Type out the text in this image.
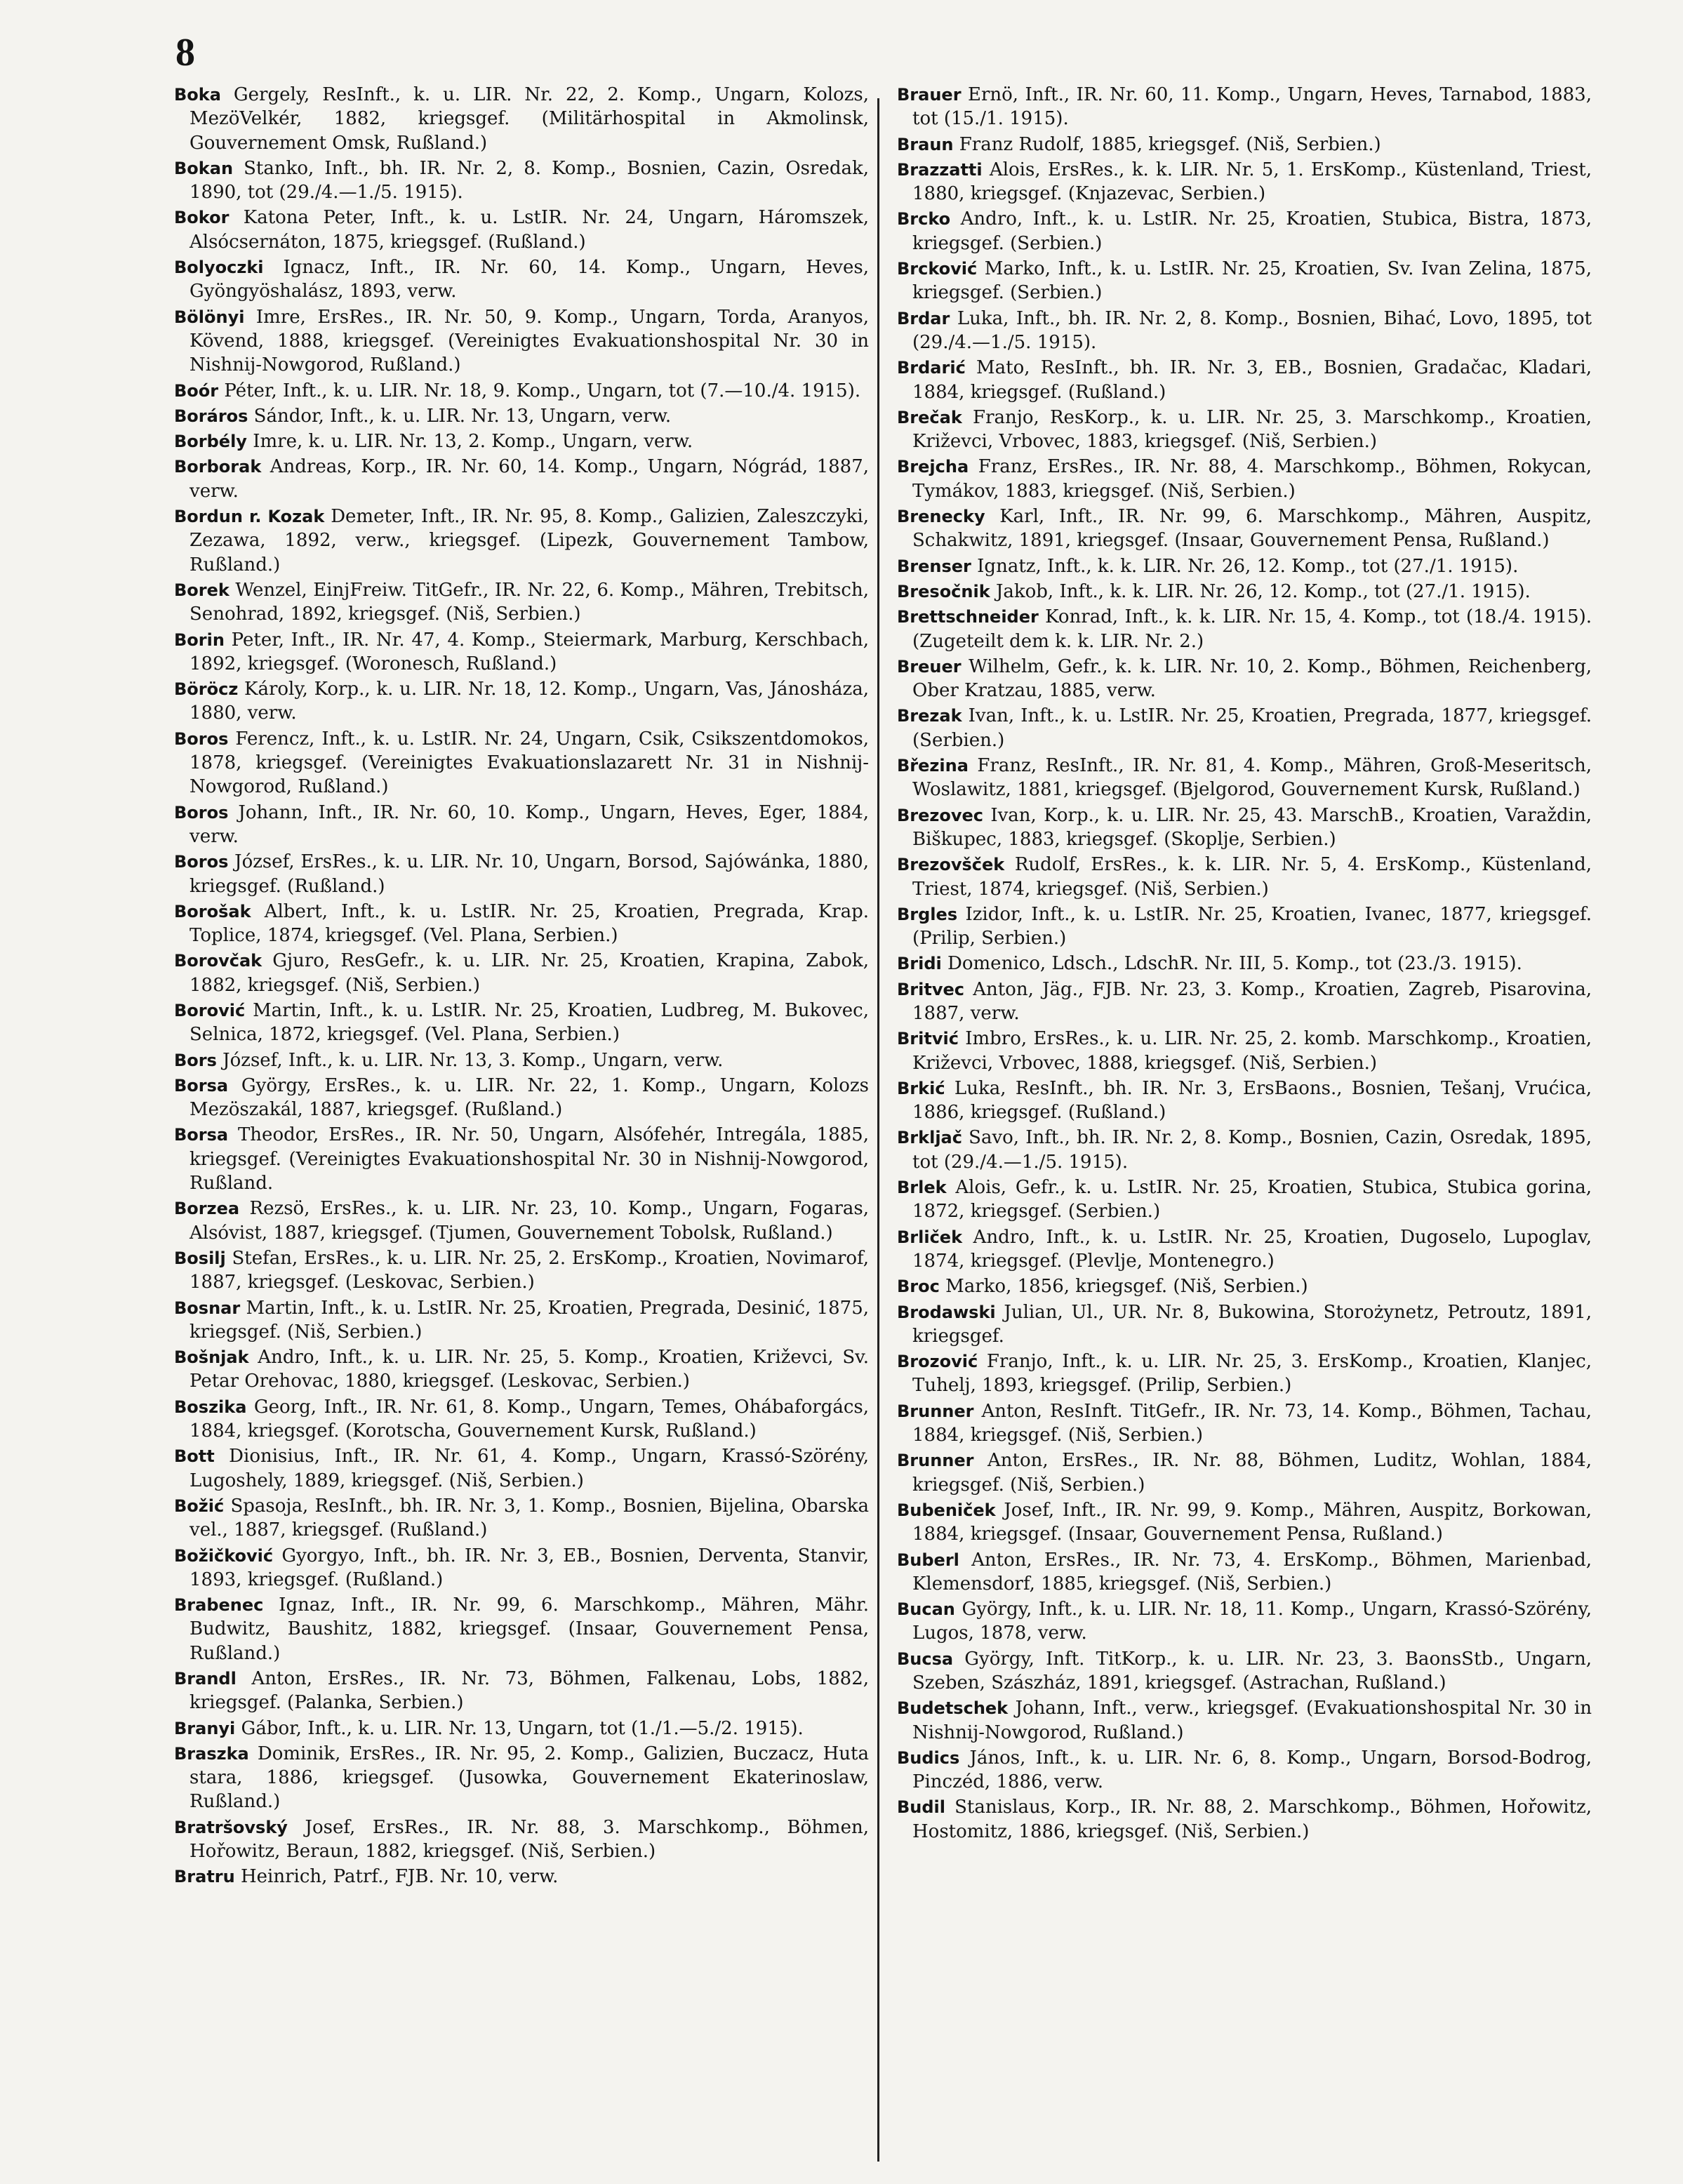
8
Boka Gergely, ResInft., k. u. LIR. Nr. 22, 2. Komp., Ungarn, Kolozs, MezöVelkér, 1882, kriegsgef. (Militärhospital in Akmolinsk, Gouvernement Omsk, Rußland.)
Bokan Stanko, Inft., bh. IR. Nr. 2, 8. Komp., Bosnien, Cazin, Osredak, 1890, tot (29./4.—1./5. 1915).
Bokor Katona Peter, Inft., k. u. LstIR. Nr. 24, Ungarn, Háromszek, Alsócsernáton, 1875, kriegsgef. (Rußland.)
Bolyoczki Ignacz, Inft., IR. Nr. 60, 14. Komp., Ungarn, Heves, Gyöngyöshalász, 1893, verw.
Bölönyi Imre, ErsRes., IR. Nr. 50, 9. Komp., Ungarn, Torda, Aranyos, Kövend, 1888, kriegsgef. (Vereinigtes Evakuationshospital Nr. 30 in Nishnij-Nowgorod, Rußland.)
Boór Péter, Inft., k. u. LIR. Nr. 18, 9. Komp., Ungarn, tot (7.—10./4. 1915).
Boráros Sándor, Inft., k. u. LIR. Nr. 13, Ungarn, verw.
Borbély Imre, k. u. LIR. Nr. 13, 2. Komp., Ungarn, verw.
Borborak Andreas, Korp., IR. Nr. 60, 14. Komp., Ungarn, Nógrád, 1887, verw.
Bordun r. Kozak Demeter, Inft., IR. Nr. 95, 8. Komp., Galizien, Zaleszczyki, Zezawa, 1892, verw., kriegsgef. (Lipezk, Gouvernement Tambow, Rußland.)
Borek Wenzel, EinjFreiw. TitGefr., IR. Nr. 22, 6. Komp., Mähren, Trebitsch, Senohrad, 1892, kriegsgef. (Niš, Serbien.)
Borin Peter, Inft., IR. Nr. 47, 4. Komp., Steiermark, Marburg, Kerschbach, 1892, kriegsgef. (Woronesch, Rußland.)
Böröcz Károly, Korp., k. u. LIR. Nr. 18, 12. Komp., Ungarn, Vas, Jánosháza, 1880, verw.
Boros Ferencz, Inft., k. u. LstIR. Nr. 24, Ungarn, Csik, Csikszentdomokos, 1878, kriegsgef. (Vereinigtes Evakuationslazarett Nr. 31 in Nishnij-Nowgorod, Rußland.)
Boros Johann, Inft., IR. Nr. 60, 10. Komp., Ungarn, Heves, Eger, 1884, verw.
Boros József, ErsRes., k. u. LIR. Nr. 10, Ungarn, Borsod, Sajówánka, 1880, kriegsgef. (Rußland.)
Borošak Albert, Inft., k. u. LstIR. Nr. 25, Kroatien, Pregrada, Krap. Toplice, 1874, kriegsgef. (Vel. Plana, Serbien.)
Borovčak Gjuro, ResGefr., k. u. LIR. Nr. 25, Kroatien, Krapina, Zabok, 1882, kriegsgef. (Niš, Serbien.)
Borović Martin, Inft., k. u. LstIR. Nr. 25, Kroatien, Ludbreg, M. Bukovec, Selnica, 1872, kriegsgef. (Vel. Plana, Serbien.)
Bors József, Inft., k. u. LIR. Nr. 13, 3. Komp., Ungarn, verw.
Borsa György, ErsRes., k. u. LIR. Nr. 22, 1. Komp., Ungarn, Kolozs Mezöszakál, 1887, kriegsgef. (Rußland.)
Borsa Theodor, ErsRes., IR. Nr. 50, Ungarn, Alsófehér, Intregála, 1885, kriegsgef. (Vereinigtes Evakuationshospital Nr. 30 in Nishnij-Nowgorod, Rußland.
Borzea Rezsö, ErsRes., k. u. LIR. Nr. 23, 10. Komp., Ungarn, Fogaras, Alsóvist, 1887, kriegsgef. (Tjumen, Gouvernement Tobolsk, Rußland.)
Bosilj Stefan, ErsRes., k. u. LIR. Nr. 25, 2. ErsKomp., Kroatien, Novimarof, 1887, kriegsgef. (Leskovac, Serbien.)
Bosnar Martin, Inft., k. u. LstIR. Nr. 25, Kroatien, Pregrada, Desinić, 1875, kriegsgef. (Niš, Serbien.)
Bošnjak Andro, Inft., k. u. LIR. Nr. 25, 5. Komp., Kroatien, Križevci, Sv. Petar Orehovac, 1880, kriegsgef. (Leskovac, Serbien.)
Boszika Georg, Inft., IR. Nr. 61, 8. Komp., Ungarn, Temes, Ohábaforgács, 1884, kriegsgef. (Korotscha, Gouvernement Kursk, Rußland.)
Bott Dionisius, Inft., IR. Nr. 61, 4. Komp., Ungarn, Krassó-Szörény, Lugoshely, 1889, kriegsgef. (Niš, Serbien.)
Božić Spasoja, ResInft., bh. IR. Nr. 3, 1. Komp., Bosnien, Bijelina, Obarska vel., 1887, kriegsgef. (Rußland.)
Božičković Gyorgyo, Inft., bh. IR. Nr. 3, EB., Bosnien, Derventa, Stanvir, 1893, kriegsgef. (Rußland.)
Brabenec Ignaz, Inft., IR. Nr. 99, 6. Marschkomp., Mähren, Mähr. Budwitz, Baushitz, 1882, kriegsgef. (Insaar, Gouvernement Pensa, Rußland.)
Brandl Anton, ErsRes., IR. Nr. 73, Böhmen, Falkenau, Lobs, 1882, kriegsgef. (Palanka, Serbien.)
Branyi Gábor, Inft., k. u. LIR. Nr. 13, Ungarn, tot (1./1.—5./2. 1915).
Braszka Dominik, ErsRes., IR. Nr. 95, 2. Komp., Galizien, Buczacz, Huta stara, 1886, kriegsgef. (Jusowka, Gouvernement Ekaterinoslaw, Rußland.)
Bratršovský Josef, ErsRes., IR. Nr. 88, 3. Marschkomp., Böhmen, Hořowitz, Beraun, 1882, kriegsgef. (Niš, Serbien.)
Bratru Heinrich, Patrf., FJB. Nr. 10, verw.
Brauer Ernö, Inft., IR. Nr. 60, 11. Komp., Ungarn, Heves, Tarnabod, 1883, tot (15./1. 1915).
Braun Franz Rudolf, 1885, kriegsgef. (Niš, Serbien.)
Brazzatti Alois, ErsRes., k. k. LIR. Nr. 5, 1. ErsKomp., Küstenland, Triest, 1880, kriegsgef. (Knjazevac, Serbien.)
Brcko Andro, Inft., k. u. LstIR. Nr. 25, Kroatien, Stubica, Bistra, 1873, kriegsgef. (Serbien.)
Brcković Marko, Inft., k. u. LstIR. Nr. 25, Kroatien, Sv. Ivan Zelina, 1875, kriegsgef. (Serbien.)
Brdar Luka, Inft., bh. IR. Nr. 2, 8. Komp., Bosnien, Bihać, Lovo, 1895, tot (29./4.—1./5. 1915).
Brdarić Mato, ResInft., bh. IR. Nr. 3, EB., Bosnien, Gradačac, Kladari, 1884, kriegsgef. (Rußland.)
Brečak Franjo, ResKorp., k. u. LIR. Nr. 25, 3. Marschkomp., Kroatien, Križevci, Vrbovec, 1883, kriegsgef. (Niš, Serbien.)
Brejcha Franz, ErsRes., IR. Nr. 88, 4. Marschkomp., Böhmen, Rokycan, Tymákov, 1883, kriegsgef. (Niš, Serbien.)
Brenecky Karl, Inft., IR. Nr. 99, 6. Marschkomp., Mähren, Auspitz, Schakwitz, 1891, kriegsgef. (Insaar, Gouvernement Pensa, Rußland.)
Brenser Ignatz, Inft., k. k. LIR. Nr. 26, 12. Komp., tot (27./1. 1915).
Bresočnik Jakob, Inft., k. k. LIR. Nr. 26, 12. Komp., tot (27./1. 1915).
Brettschneider Konrad, Inft., k. k. LIR. Nr. 15, 4. Komp., tot (18./4. 1915). (Zugeteilt dem k. k. LIR. Nr. 2.)
Breuer Wilhelm, Gefr., k. k. LIR. Nr. 10, 2. Komp., Böhmen, Reichenberg, Ober Kratzau, 1885, verw.
Brezak Ivan, Inft., k. u. LstIR. Nr. 25, Kroatien, Pregrada, 1877, kriegsgef. (Serbien.)
Březina Franz, ResInft., IR. Nr. 81, 4. Komp., Mähren, Groß-Meseritsch, Woslawitz, 1881, kriegsgef. (Bjelgorod, Gouvernement Kursk, Rußland.)
Brezovec Ivan, Korp., k. u. LIR. Nr. 25, 43. MarschB., Kroatien, Varaždin, Biškupec, 1883, kriegsgef. (Skoplje, Serbien.)
Brezovšček Rudolf, ErsRes., k. k. LIR. Nr. 5, 4. ErsKomp., Küstenland, Triest, 1874, kriegsgef. (Niš, Serbien.)
Brgles Izidor, Inft., k. u. LstIR. Nr. 25, Kroatien, Ivanec, 1877, kriegsgef. (Prilip, Serbien.)
Bridi Domenico, Ldsch., LdschR. Nr. III, 5. Komp., tot (23./3. 1915).
Britvec Anton, Jäg., FJB. Nr. 23, 3. Komp., Kroatien, Zagreb, Pisarovina, 1887, verw.
Britvić Imbro, ErsRes., k. u. LIR. Nr. 25, 2. komb. Marschkomp., Kroatien, Križevci, Vrbovec, 1888, kriegsgef. (Niš, Serbien.)
Brkić Luka, ResInft., bh. IR. Nr. 3, ErsBaons., Bosnien, Tešanj, Vrućica, 1886, kriegsgef. (Rußland.)
Brkljač Savo, Inft., bh. IR. Nr. 2, 8. Komp., Bosnien, Cazin, Osredak, 1895, tot (29./4.—1./5. 1915).
Brlek Alois, Gefr., k. u. LstIR. Nr. 25, Kroatien, Stubica, Stubica gorina, 1872, kriegsgef. (Serbien.)
Brliček Andro, Inft., k. u. LstIR. Nr. 25, Kroatien, Dugoselo, Lupoglav, 1874, kriegsgef. (Plevlje, Montenegro.)
Broc Marko, 1856, kriegsgef. (Niš, Serbien.)
Brodawski Julian, Ul., UR. Nr. 8, Bukowina, Storożynetz, Petroutz, 1891, kriegsgef.
Brozović Franjo, Inft., k. u. LIR. Nr. 25, 3. ErsKomp., Kroatien, Klanjec, Tuhelj, 1893, kriegsgef. (Prilip, Serbien.)
Brunner Anton, ResInft. TitGefr., IR. Nr. 73, 14. Komp., Böhmen, Tachau, 1884, kriegsgef. (Niš, Serbien.)
Brunner Anton, ErsRes., IR. Nr. 88, Böhmen, Luditz, Wohlan, 1884, kriegsgef. (Niš, Serbien.)
Bubeniček Josef, Inft., IR. Nr. 99, 9. Komp., Mähren, Auspitz, Borkowan, 1884, kriegsgef. (Insaar, Gouvernement Pensa, Rußland.)
Buberl Anton, ErsRes., IR. Nr. 73, 4. ErsKomp., Böhmen, Marienbad, Klemensdorf, 1885, kriegsgef. (Niš, Serbien.)
Bucan György, Inft., k. u. LIR. Nr. 18, 11. Komp., Ungarn, Krassó-Szörény, Lugos, 1878, verw.
Bucsa György, Inft. TitKorp., k. u. LIR. Nr. 23, 3. BaonsStb., Ungarn, Szeben, Szászház, 1891, kriegsgef. (Astrachan, Rußland.)
Budetschek Johann, Inft., verw., kriegsgef. (Evakuationshospital Nr. 30 in Nishnij-Nowgorod, Rußland.)
Budics János, Inft., k. u. LIR. Nr. 6, 8. Komp., Ungarn, Borsod-Bodrog, Pinczéd, 1886, verw.
Budil Stanislaus, Korp., IR. Nr. 88, 2. Marschkomp., Böhmen, Hořowitz, Hostomitz, 1886, kriegsgef. (Niš, Serbien.)
